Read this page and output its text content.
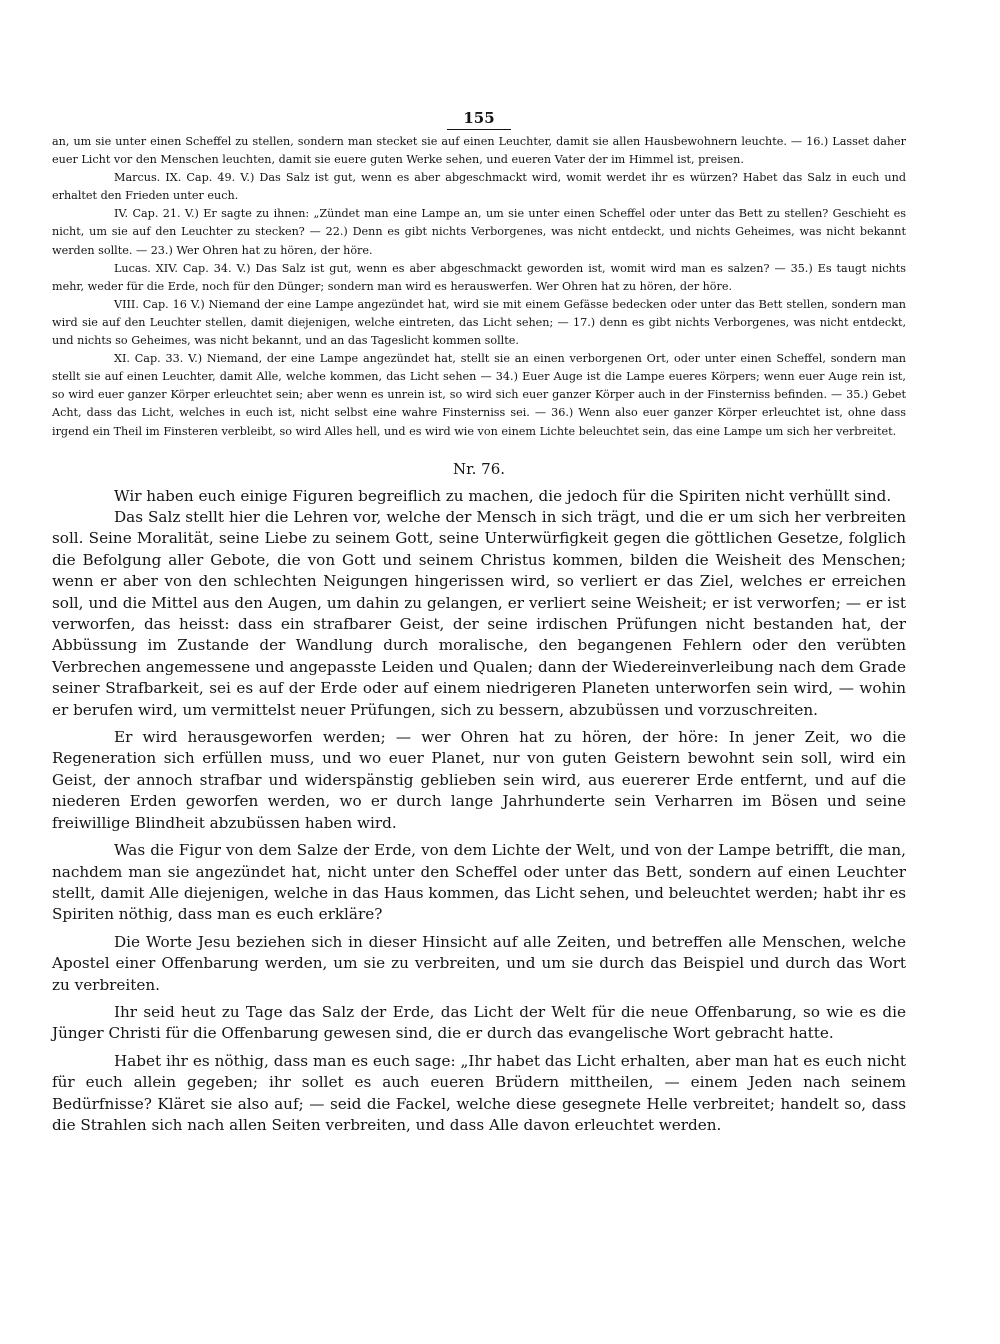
155

an, um sie unter einen Scheffel zu stellen, sondern man stecket sie auf einen Leuchter, damit sie allen Hausbewohnern leuchte. — 16.) Lasset daher euer Licht vor den Menschen leuchten, damit sie euere guten Werke sehen, und eueren Vater der im Himmel ist, preisen.

Marcus. IX. Cap. 49. V.) Das Salz ist gut, wenn es aber abgeschmackt wird, womit werdet ihr es würzen? Habet das Salz in euch und erhaltet den Frieden unter euch.

IV. Cap. 21. V.) Er sagte zu ihnen: „Zündet man eine Lampe an, um sie unter einen Scheffel oder unter das Bett zu stellen? Geschieht es nicht, um sie auf den Leuchter zu stecken? — 22.) Denn es gibt nichts Verborgenes, was nicht entdeckt, und nichts Geheimes, was nicht bekannt werden sollte. — 23.) Wer Ohren hat zu hören, der höre.

Lucas. XIV. Cap. 34. V.) Das Salz ist gut, wenn es aber abgeschmackt geworden ist, womit wird man es salzen? — 35.) Es taugt nichts mehr, weder für die Erde, noch für den Dünger; sondern man wird es herauswerfen. Wer Ohren hat zu hören, der höre.

VIII. Cap. 16 V.) Niemand der eine Lampe angezündet hat, wird sie mit einem Gefässe bedecken oder unter das Bett stellen, sondern man wird sie auf den Leuchter stellen, damit diejenigen, welche eintreten, das Licht sehen; — 17.) denn es gibt nichts Verborgenes, was nicht entdeckt, und nichts so Geheimes, was nicht bekannt, und an das Tageslicht kommen sollte.

XI. Cap. 33. V.) Niemand, der eine Lampe angezündet hat, stellt sie an einen verborgenen Ort, oder unter einen Scheffel, sondern man stellt sie auf einen Leuchter, damit Alle, welche kommen, das Licht sehen — 34.) Euer Auge ist die Lampe eueres Körpers; wenn euer Auge rein ist, so wird euer ganzer Körper erleuchtet sein; aber wenn es unrein ist, so wird sich euer ganzer Körper auch in der Finsterniss befinden. — 35.) Gebet Acht, dass das Licht, welches in euch ist, nicht selbst eine wahre Finsterniss sei. — 36.) Wenn also euer ganzer Körper erleuchtet ist, ohne dass irgend ein Theil im Finsteren verbleibt, so wird Alles hell, und es wird wie von einem Lichte beleuchtet sein, das eine Lampe um sich her verbreitet.

Nr. 76.

Wir haben euch einige Figuren begreiflich zu machen, die jedoch für die Spiriten nicht verhüllt sind.

Das Salz stellt hier die Lehren vor, welche der Mensch in sich trägt, und die er um sich her verbreiten soll. Seine Moralität, seine Liebe zu seinem Gott, seine Unterwürfigkeit gegen die göttlichen Gesetze, folglich die Befolgung aller Gebote, die von Gott und seinem Christus kommen, bilden die Weisheit des Menschen; wenn er aber von den schlechten Neigungen hingerissen wird, so verliert er das Ziel, welches er erreichen soll, und die Mittel aus den Augen, um dahin zu gelangen, er verliert seine Weisheit; er ist verworfen; — er ist verworfen, das heisst: dass ein strafbarer Geist, der seine irdischen Prüfungen nicht bestanden hat, der Abbüssung im Zustande der Wandlung durch moralische, den begangenen Fehlern oder den verübten Verbrechen angemessene und angepasste Leiden und Qualen; dann der Wiedereinverleibung nach dem Grade seiner Strafbarkeit, sei es auf der Erde oder auf einem niedrigeren Planeten unterworfen sein wird, — wohin er berufen wird, um vermittelst neuer Prüfungen, sich zu bessern, abzubüssen und vorzuschreiten.

Er wird herausgeworfen werden; — wer Ohren hat zu hören, der höre: In jener Zeit, wo die Regeneration sich erfüllen muss, und wo euer Planet, nur von guten Geistern bewohnt sein soll, wird ein Geist, der annoch strafbar und widerspänstig geblieben sein wird, aus euererer Erde entfernt, und auf die niederen Erden geworfen werden, wo er durch lange Jahrhunderte sein Verharren im Bösen und seine freiwillige Blindheit abzubüssen haben wird.

Was die Figur von dem Salze der Erde, von dem Lichte der Welt, und von der Lampe betrifft, die man, nachdem man sie angezündet hat, nicht unter den Scheffel oder unter das Bett, sondern auf einen Leuchter stellt, damit Alle diejenigen, welche in das Haus kommen, das Licht sehen, und beleuchtet werden; habt ihr es Spiriten nöthig, dass man es euch erkläre?

Die Worte Jesu beziehen sich in dieser Hinsicht auf alle Zeiten, und betreffen alle Menschen, welche Apostel einer Offenbarung werden, um sie zu verbreiten, und um sie durch das Beispiel und durch das Wort zu verbreiten.

Ihr seid heut zu Tage das Salz der Erde, das Licht der Welt für die neue Offenbarung, so wie es die Jünger Christi für die Offenbarung gewesen sind, die er durch das evangelische Wort gebracht hatte.

Habet ihr es nöthig, dass man es euch sage: „Ihr habet das Licht erhalten, aber man hat es euch nicht für euch allein gegeben; ihr sollet es auch eueren Brüdern mittheilen, — einem Jeden nach seinem Bedürfnisse? Kläret sie also auf; — seid die Fackel, welche diese gesegnete Helle verbreitet; handelt so, dass die Strahlen sich nach allen Seiten verbreiten, und dass Alle davon erleuchtet werden.
